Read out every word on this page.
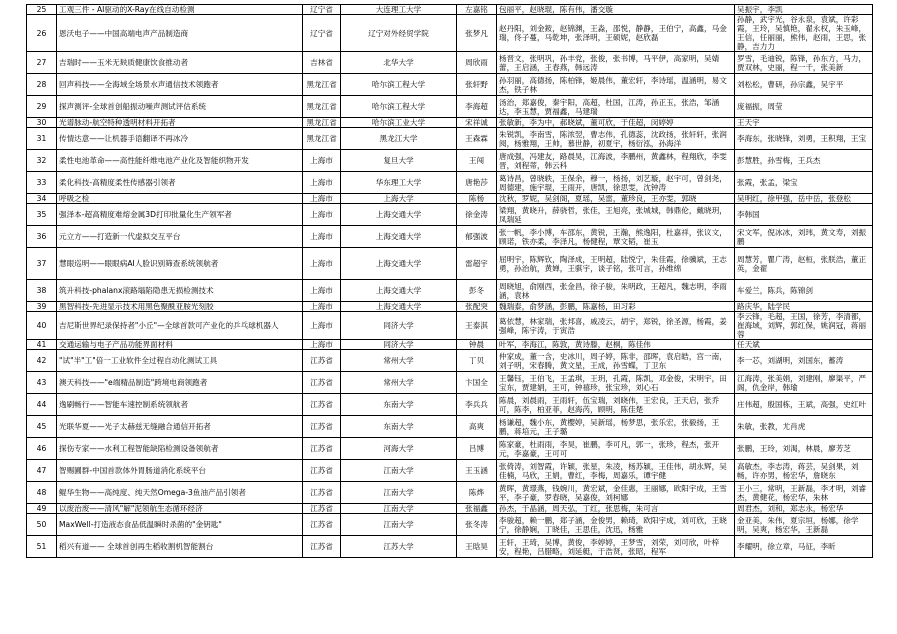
25	工观三件 - AI驱动的X-Ray在线自动检测	辽宁省	大连理工大学	左嘉铭	包丽平，赵晓琨，陈有伟，潘交璇	吴振宇，李凯
26	恩沃电子——中国高端电声产品制造商	辽宁省	辽宁对外经贸学院	张梦凡	赵丹阳，刘金銨，赵锦渊，王淼，邵悦，静静，王伯宁，高鑫，马金瑞，佟子蔓，马乾坤，张泽明，王硕妮，赵欣磊	孙静，武宇光，谷永泉，袁斌，许彩霞，王玲，吴慎艳，翟永权，朱玉峰，王信，任丽丽，熊伟，赵雨，王思，张静，吉力力
27	吉瑞时——玉米无麸质健康饮食推动者	吉林省	北华大学	周欣雨	杨晋文，张明巩，孙丰党，张俊，张书博，马平伊，高家明，吴婧蕾，王启涵，王春燕，韩远涛	罗雪，毛迪锐，陈锋，孙东方，马力，贾双林，史丽，程一千，张美新
28	回声科技——全海域全场景水声通信技术领跑者	黑龙江省	哈尔滨工程大学	张轩野	孙羽丽，高德扬，陈柏锋，姬晨伟，董宏轩，李诗瑶，温涵明，易文杰，铁子林	刘松松，曹研，孙宗鑫，吴宇平
29	探声测评-全球首创船振动噪声测试评估系统	黑龙江省	哈尔滨工程大学	李海超	汤治，郑嘉俊，秦宇阳，高超，杜国，江涛，孙正玉，张浩，邹涵达，李玉慧，贾福鑫，马建瑞	庞福振，周莹
30	光谱脉动-航空特种透明材料开拓者	黑龙江省	哈尔滨工业大学	宋祥诚	张敏新，李为中，郝晓斌，董可欣，于佳超，闵婷婷	王天宇
31	传情达意——让机器手语翻译不再冰冷	黑龙江省	黑龙江大学	王森霖	朱锐凯，李南雪，陈浓翌，曹志伟，孔德蕊，沈政扬，张轩轩，张润阅，杨雅翔，王帅，慕世静，初夏宇，杨衍泓，孙海洋	李海东，张晓锋，刘勇，王积翔，王宝
32	柔性电池革命——高性能纤维电池产业化及智能织物开发	上海市	复旦大学	王闯	唐成强，冯建友，路晨昊，江海波，李鹏州，黄鑫林，程翔欣，李雯晋，刘程蒂，韩云科	彭慧胜，孙雪梅，王兵杰
33	柔化科技-高精度柔性传感器引领者	上海市	华东理工大学	唐艳莎	葛诗昌，曾晓轶，王保余，穆一，杨扬，刘艺璇，赵宇可，曾剑尧，周德建，施宇琨，王雨开，唐凯，徐思雯，沈钟涛	张霞，张孟，梁宝
34	呼吸之检	上海市	上海大学	陈杨	沈秋，罗妮，吴剑阁，夏瑶，吴雷，董珍良，王亦雯，郭晓	吴明红，徐甲强，岳中岳，张登松
35	强泽本-超高精度难熔金属3D打印批量化生产领军者	上海市	上海交通大学	徐金涛	梁翔，黄晓升，薛骁哲，张佳，王旭亮，张城城，韩鼎伦，戴晓玥，凤瑞延	李韩国
36	元立方——打造新一代虚拟交互平台	上海市	上海交通大学	郁强波	张一帆，李小博，车邵东，黄锐，王瀚，熊逸阳，杜嘉祥，张议文，顾诺，铁亦柔，李泽凡，杨健程，覃文韬，崔玉	宋文军，倪冰冰，刘玮，黄文寿，刘振鹏
37	慧眼巡明——眼眼病AI人脸识别筛查系统领航者	上海市	上海交通大学	雷超宇	屈明宇，陈辉钦，陶泽成，王明超，陆悦宁，朱佳霞，徐骥斌，王志勇，孙治航，黄婵，王骐宇，谈子铭，张可言，孙维绵	周慧芳，瞿广涛，赵桓，张朕浩，董正英，金翟
38	筑升科技-phalanx滚路塌陷隐患无损检测技术	上海市	上海交通大学	彭冬	周晓旭，俞刚西，张金昌，徐子骏，朱明政，王超凡，魏志明，李雨涵，袁林	车爱兰，陈兵，陈锦剑
39	黑智科技-先进显示技术用黑色聚酰亚胺光刻胶	上海市	上海交通大学	张配突	魏瑞泰，俞梦涵，彭鹏，陈嘉杨，田习彩	路庆华，陆学民
40	吉尼斯世界纪录保持者"小丘"—全球首款可产业化的乒乓球机器人	上海市	同济大学	王泰淇	葛依慧，林家瑞，张邦喜，戚凌云，胡宇，郑锐，徐圣源，杨霞，姜强峰，陈宇涛，于寅浩	李云锋，毛超，王国，徐芳，李清都，崔海域，刘辉，郭红保，姚润冠，蒋丽蓉
41	交通运输与电子产品功能界面材料	上海市	同济大学	钟晨	叶军，李海江，陈敦，黄诗滕，赵桐，陈佳伟	任天斌
42	"试"半"工"倍一工业软件全过程自动化测试工具	江苏省	常州大学	丁贝	仲家成，董一含，史冰川，周子婷，陈非，邵晖，袁启皓，宫一南，刘子明，宋春腾，黄文星，王成，孙雪蝶，丁卫东	李一芯，刘湖明，刘国东，蓄涛
43	澳天科技——"e端精品制造"跨境电商领跑者	江苏省	常州大学	卞国全	王馨钰，王伯飞，王孟琪，王玥，孔霞，陈凯，邓金俊，宋明宇，田宝东，贾建娟，王可，钟禧珍，张宝珍，刘心石	江海涛，张美娟，刘建刚，廖渠平，严阁，仇金岸，韩瑜
44	逸刷畅行——智能车速控制系统领航者	江苏省	东南大学	李兵兵	陈晨，刘晨雨，王雨轩，伍宝瑞，刘晓伟，王宏良，王天启，张乔可，陈李，柏亚菲，赵海芮，顾明，陈佳楚	庄伟超，殷国栋，王斌，高强，史红叶
45	光联华夏——光子太赫兹无缝融合通信开拓者	江苏省	东南大学	高爽	杨谦超，魏小东，黄樱婷，吴新瑶，杨梦思，张乐宏，张毅扬，王鹏，蒋培元，王子璐	朱敏，张教，尤肖虎
46	探伤专家——水利工程智能缺陷检测设备领航者	江苏省	河海大学	吕博	陈家豪，杜雨雨，李昊，崔鹏，李可凡，郭一，张珍，程杰，张开元，李嘉豪，王可可	张鹏，王玲，刘渴，林晨，廖芳芝
47	智赐圃群-中国首款体外胃肠道消化系统平台	江苏省	江南大学	王玉涵	张倚涛，刘智霞，许颖，张星，朱凌，杨苏颖，王佳伟，胡永辉，吴佳楠，马欣，王娟，曹红，李梅，周嘉乐，谭宇健	高敏杰，李志涛，蒋芸，吴剑果，刘畅，许亦男，杨宏华，詹晓东
48	鲲华生物——高纯度、纯天然Omega-3鱼油产品引领者	江苏省	江南大学	陈烨	黄晖，黄璟燕，钱婉川，黄宏斌，金佳惠，王丽娜，欧阳宇成，王雪平，李子豪，罗春晓，吴嘉俊，刘柯娜	王小三，常明，王新磊，李才明，刘睿杰，黄健花，杨宏华，朱林
49	以废治废——清风"解"泥领航生态循环经济	江苏省	江南大学	张福鑫	孙杰，于晶涵，周天弘，丁红，张思梅，朱可言	周君杰，刘和，郑志永，杨宏华
50	MaxWell-打造液态食品低温瞬时杀菌的"金钥匙"	江苏省	江南大学	张冬涛	李骏超，赖一鹏，郑子涵，金俊男，赖琦，欧阳宇成，刘可欣，王晓宁，徐静娴，丁晓佳，王思佳，沈迅，杨雅	金亚美，朱伟，夏宗垣，杨娜，徐学明，吴爽，杨宏华，王新磊
51	稻兴有道—— 全球首创再生稻收割机智能割台	江苏省	江苏大学	王晗昊	王轩，王琦，吴博，黄俊，李婷婷，王梦雪，刘荣，刘可欣，叶梓安，程艳，吕腊略，刘延艇，于浩贤，张昭，程军	李耀明，徐立章，马征，李昕
